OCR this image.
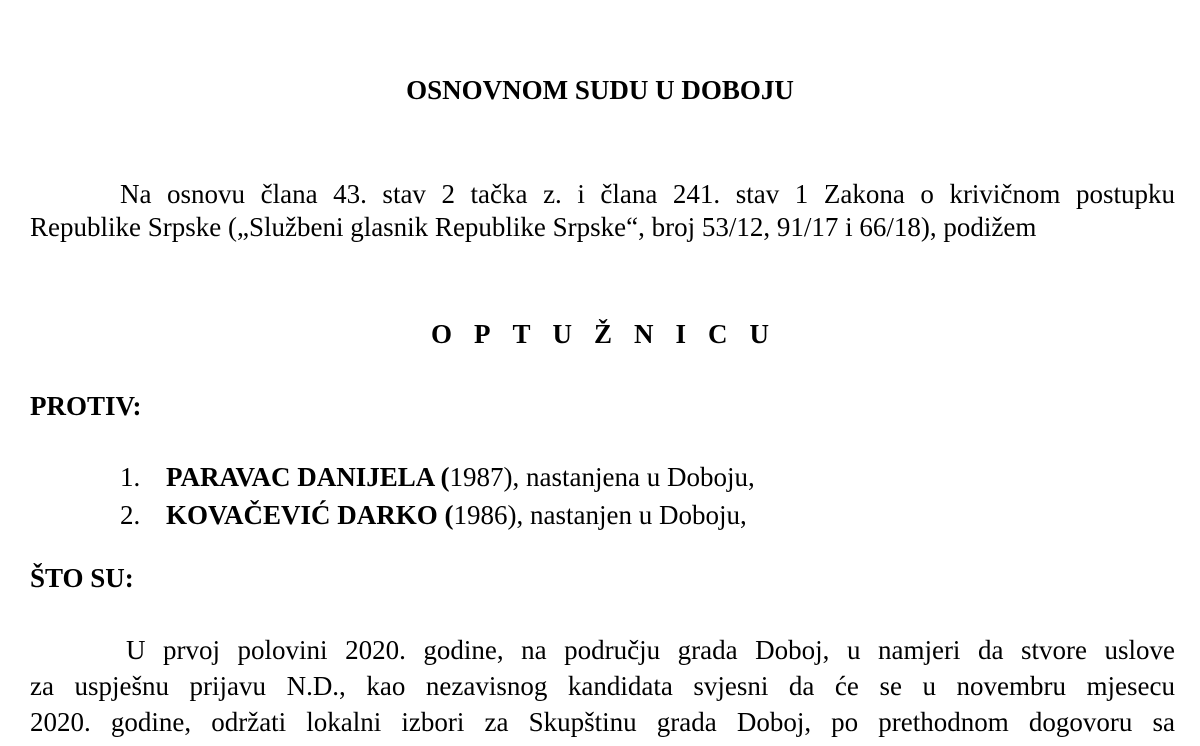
OSNOVNOM SUDU U DOBOJU
Na osnovu člana 43. stav 2 tačka z. i člana 241. stav 1 Zakona o krivičnom postupku
Republike Srpske („Službeni glasnik Republike Srpske“, broj 53/12, 91/17 i 66/18), podižem
OPTUŽNICU
PROTIV:
1. PARAVAC DANIJELA ( 1987), nastanjena u Doboju,
2. KOVAČEVIĆ DARKO ( 1986), nastanjen u Doboju,
ŠTO SU:
U prvoj polovini 2020. godine, na području grada Doboj, u namjeri da stvore uslove
za uspješnu prijavu N.D., kao nezavisnog kandidata svjesni da će se u novembru mjesecu
2020. godine, održati lokalni izbori za Skupštinu grada Doboj, po prethodnom dogovoru sa
